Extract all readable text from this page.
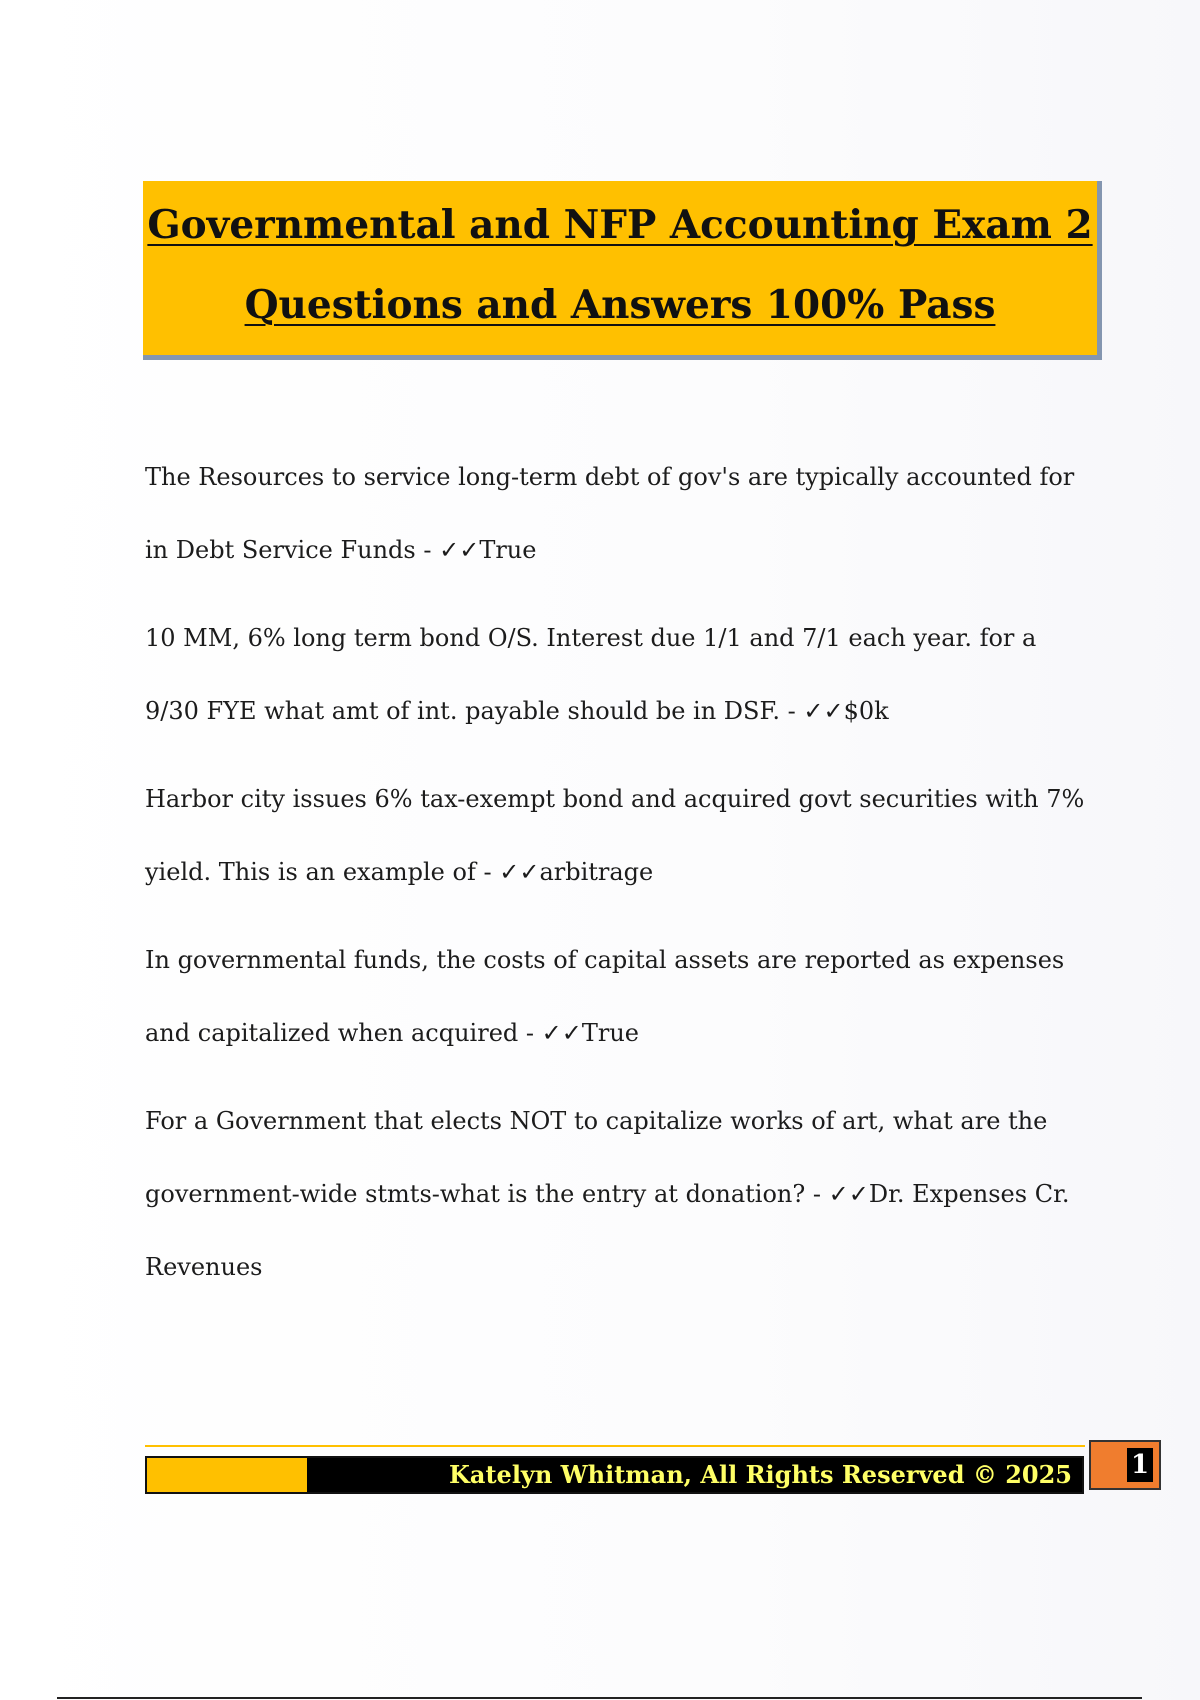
Governmental and NFP Accounting Exam 2
Questions and Answers 100% Pass

The Resources to service long-term debt of gov's are typically accounted for in Debt Service Funds - ✓✓True

10 MM, 6% long term bond O/S. Interest due 1/1 and 7/1 each year. for a 9/30 FYE what amt of int. payable should be in DSF. - ✓✓$0k

Harbor city issues 6% tax-exempt bond and acquired govt securities with 7% yield. This is an example of - ✓✓arbitrage

In governmental funds, the costs of capital assets are reported as expenses and capitalized when acquired - ✓✓True

For a Government that elects NOT to capitalize works of art, what are the government-wide stmts-what is the entry at donation? - ✓✓Dr. Expenses Cr. Revenues

Katelyn Whitman, All Rights Reserved © 2025	1
